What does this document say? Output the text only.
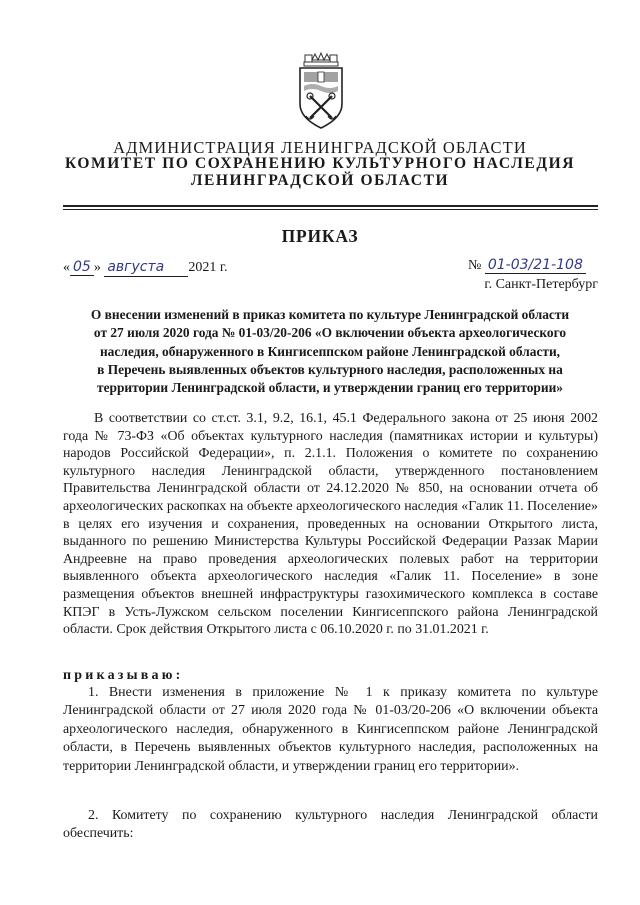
АДМИНИСТРАЦИЯ ЛЕНИНГРАДСКОЙ ОБЛАСТИ

КОМИТЕТ ПО СОХРАНЕНИЮ КУЛЬТУРНОГО НАСЛЕДИЯ

ЛЕНИНГРАДСКОЙ ОБЛАСТИ

ПРИКАЗ
« 05 » августа 2021 г.	№ 01-03/21-108
г. Санкт-Петербург

О внесении изменений в приказ комитета по культуре Ленинградской области
от 27 июля 2020 года № 01-03/20-206 «О включении объекта археологического
наследия, обнаруженного в Кингисеппском районе Ленинградской области,
в Перечень выявленных объектов культурного наследия, расположенных на
территории Ленинградской области, и утверждении границ его территории»

В соответствии со ст.ст. 3.1, 9.2, 16.1, 45.1 Федерального закона от 25 июня 2002 года № 73-ФЗ «Об объектах культурного наследия (памятниках истории и культуры) народов Российской Федерации», п. 2.1.1. Положения о комитете по сохранению культурного наследия Ленинградской области, утвержденного постановлением Правительства Ленинградской области от 24.12.2020 № 850, на основании отчета об археологических раскопках на объекте археологического наследия «Галик 11. Поселение» в целях его изучения и сохранения, проведенных на основании Открытого листа, выданного по решению Министерства Культуры Российской Федерации Раззак Марии Андреевне на право проведения археологических полевых работ на территории выявленного объекта археологического наследия «Галик 11. Поселение» в зоне размещения объектов внешней инфраструктуры газохимического комплекса в составе КПЭГ в Усть-Лужском сельском поселении Кингисеппского района Ленинградской области. Срок действия Открытого листа с 06.10.2020 г. по 31.01.2021 г.

приказываю:

1. Внести изменения в приложение № 1 к приказу комитета по культуре Ленинградской области от 27 июля 2020 года № 01-03/20-206 «О включении объекта археологического наследия, обнаруженного в Кингисеппском районе Ленинградской области, в Перечень выявленных объектов культурного наследия, расположенных на территории Ленинградской области, и утверждении границ его территории».

2. Комитету по сохранению культурного наследия Ленинградской области обеспечить:
